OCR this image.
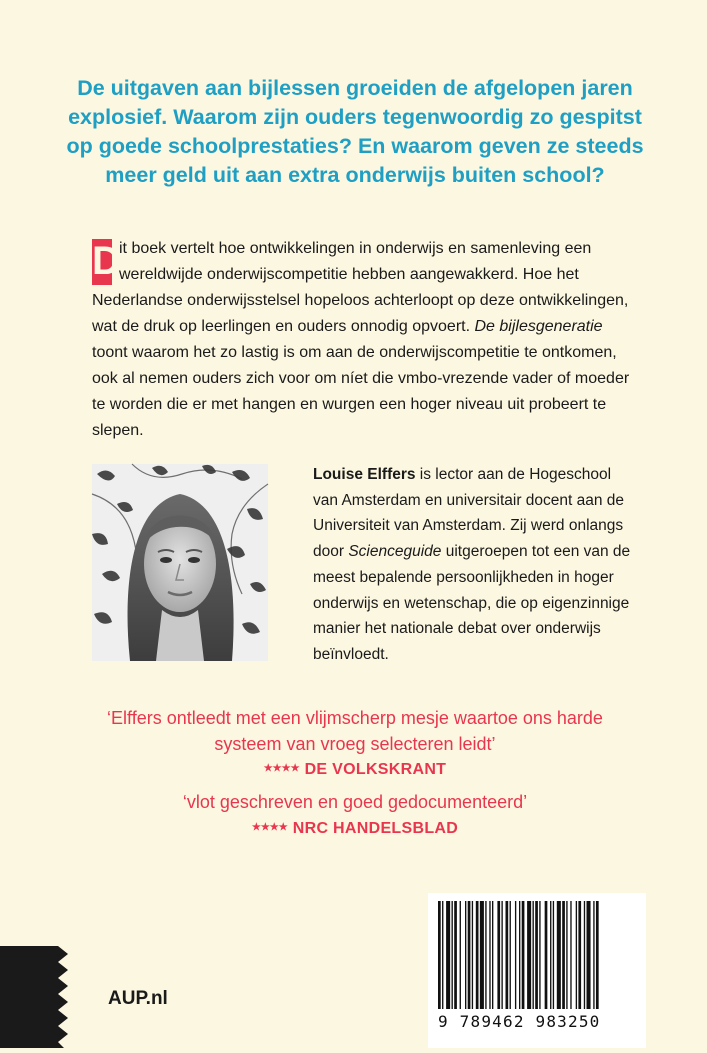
De uitgaven aan bijlessen groeiden de afgelopen jaren
explosief. Waarom zijn ouders tegenwoordig zo gespitst
op goede schoolprestaties? En waarom geven ze steeds
meer geld uit aan extra onderwijs buiten school?
D

it boek vertelt hoe ontwikkelingen in onderwijs en samenleving een wereldwijde onderwijscompetitie hebben aangewakkerd. Hoe het Nederlandse onderwijsstelsel hopeloos achterloopt op deze ontwikkelingen, wat de druk op leerlingen en ouders onnodig opvoert. De bijlesgeneratie toont waarom het zo lastig is om aan de onderwijscompetitie te ontkomen, ook al nemen ouders zich voor om níet die vmbo-vrezende vader of moeder te worden die er met hangen en wurgen een hoger niveau uit probeert te slepen.

Louise Elffers is lector aan de Hogeschool van Amsterdam en universitair docent aan de Universiteit van Amsterdam. Zij werd onlangs door Scienceguide uitgeroepen tot een van de meest bepalende persoonlijkheden in hoger onderwijs en wetenschap, die op eigenzinnige manier het nationale debat over onderwijs beïnvloedt.

‘Elffers ontleedt met een vlijmscherp mesje waartoe ons harde
systeem van vroeg selecteren leidt’
★★★★ DE VOLKSKRANT
‘vlot geschreven en goed gedocumenteerd’
★★★★ NRC HANDELSBLAD
AUP.nl
9 789462 983250
